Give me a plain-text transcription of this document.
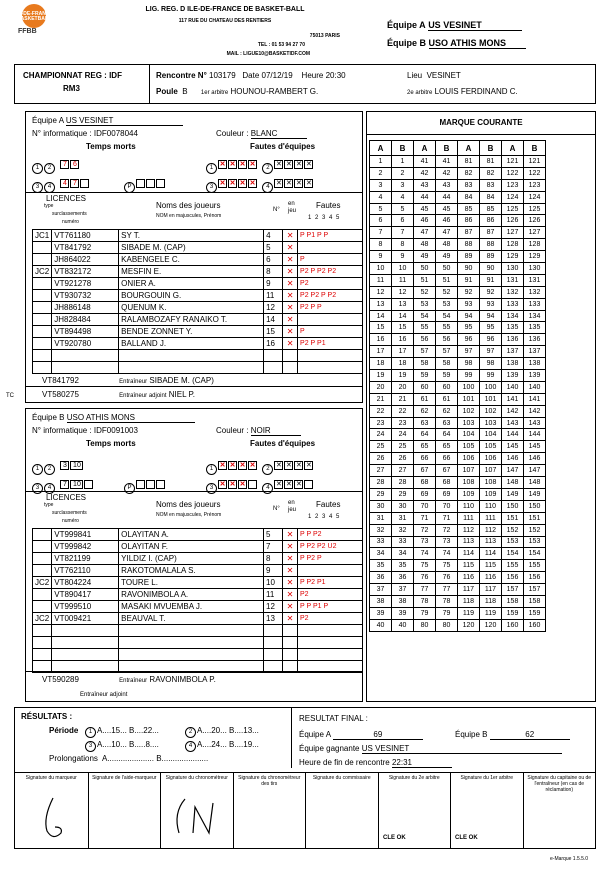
LE-DE-FRANCE BASKETBALL
FFBB
LIG. REG. D ILE-DE-FRANCE DE BASKET-BALL
117 RUE DU CHATEAU DES RENTIERS
75013 PARIS
TEL : 01 53 94 27 70
MAIL : LIGUE10@BASKETIDF.COM
Équipe A US VESINET
Équipe B USO ATHIS MONS
CHAMPIONNAT REG : IDF
RM3
Rencontre N° 103179 Date 07/12/19 Heure 20:30	Lieu VESINET
Poule B 1er arbitre HOUNOU-RAMBERT G.	2e arbitre LOUIS FERDINAND C.
Équipe A US VESINET
N° informatique : IDF0078044	Couleur : BLANC
Temps morts	Fautes d'équipes
1 2 7 6
3 4 4 7	P
1 ✕ ✕ ✕ ✕ 2 ✕ ✕ ✕ ✕
3 ✕ ✕ ✕ ✕ 4 ✕ ✕ ✕ ✕
LICENCES
type
surclassements
numéro
Noms des joueurs
NOM en majuscules, Prénom
N°
en jeu
Fautes
1 2 3 4 5
JC1	VT761180	SY T.	4	✕	P P1 P P
	VT841792	SIBADE M. (CAP)	5	✕	
	JH864022	KABENGELE C.	6	✕	P
JC2	VT832172	MESFIN E.	8	✕	P2 P P2 P2
	VT921278	ONIER A.	9	✕	P2
	VT930732	BOURGOUIN G.	11	✕	P2 P2 P P2
	JH886148	QUENUM K.	12	✕	P2 P P
	JH828484	RALAMBOZAFY RANAIKO T.	14	✕	
	VT894498	BENDE ZONNET Y.	15	✕	P
	VT920780	BALLAND J.	16	✕	P2 P P1

VT841792	Entraîneur SIBADE M. (CAP)
VT580275	Entraîneur adjoint NIEL P.
TC
Équipe B USO ATHIS MONS
N° informatique : IDF0091003	Couleur : NOIR
Temps morts	Fautes d'équipes
1 2 3 10
3 4 7 10	P
1 ✕ ✕ ✕ ✕ 2 ✕ ✕ ✕ ✕
3 ✕ ✕ ✕	4 ✕ ✕ ✕
LICENCES
type
surclassements
numéro
Noms des joueurs
NOM en majuscules, Prénom
N°
en jeu
Fautes
1 2 3 4 5
	VT999841	OLAYITAN A.	5	✕	P P P2
	VT999842	OLAYITAN F.	7	✕	P P2 P2 U2
	VT821199	YILDIZ I. (CAP)	8	✕	P P2 P
	VT762110	RAKOTOMALALA S.	9	✕	
JC2	VT804224	TOURE L.	10	✕	P P2 P1
	VT890417	RAVONIMBOLA A.	11	✕	P2
	VT999510	MASAKI MVUEMBA J.	12	✕	P P P1 P
JC2	VT009421	BEAUVAL T.	13	✕	P2

VT590289	Entraîneur RAVONIMBOLA P.
Entraîneur adjoint
MARQUE COURANTE
A	B	A	B	A	B	A	B
1	1	41	41	81	81	121	121
2	2	42	42	82	82	122	122
3	3	43	43	83	83	123	123
4	4	44	44	84	84	124	124
5	5	45	45	85	85	125	125
6	6	46	46	86	86	126	126
7	7	47	47	87	87	127	127
8	8	48	48	88	88	128	128
9	9	49	49	89	89	129	129
10	10	50	50	90	90	130	130
11	11	51	51	91	91	131	131
12	12	52	52	92	92	132	132
13	13	53	53	93	93	133	133
14	14	54	54	94	94	134	134
15	15	55	55	95	95	135	135
16	16	56	56	96	96	136	136
17	17	57	57	97	97	137	137
18	18	58	58	98	98	138	138
19	19	59	59	99	99	139	139
20	20	60	60	100	100	140	140
21	21	61	61	101	101	141	141
22	22	62	62	102	102	142	142
23	23	63	63	103	103	143	143
24	24	64	64	104	104	144	144
25	25	65	65	105	105	145	145
26	26	66	66	106	106	146	146
27	27	67	67	107	107	147	147
28	28	68	68	108	108	148	148
29	29	69	69	109	109	149	149
30	30	70	70	110	110	150	150
31	31	71	71	111	111	151	151
32	32	72	72	112	112	152	152
33	33	73	73	113	113	153	153
34	34	74	74	114	114	154	154
35	35	75	75	115	115	155	155
36	36	76	76	116	116	156	156
37	37	77	77	117	117	157	157
38	38	78	78	118	118	158	158
39	39	79	79	119	119	159	159
40	40	80	80	120	120	160	160
RÉSULTATS :
Période	1 A....15... B....22...	2 A....20... B....13...
3 A....10... B.....8....	4 A....24... B....19...
Prolongations A..................... B.....................
RESULTAT FINAL :
Équipe A	69	Équipe B	62
Équipe gagnante US VESINET
Heure de fin de rencontre 22:31
Signature du marqueur	Signature de l'aide-marqueur	Signature du chronométreur	Signature du chronométreur des tirs
Signature du commissaire	Signature du 2e arbitre	Signature du 1er arbitre	Signature du capitaine ou de l'entraîneur (en cas de réclamation)
CLE OK	CLE OK
e-Marque 1.5.5.0
